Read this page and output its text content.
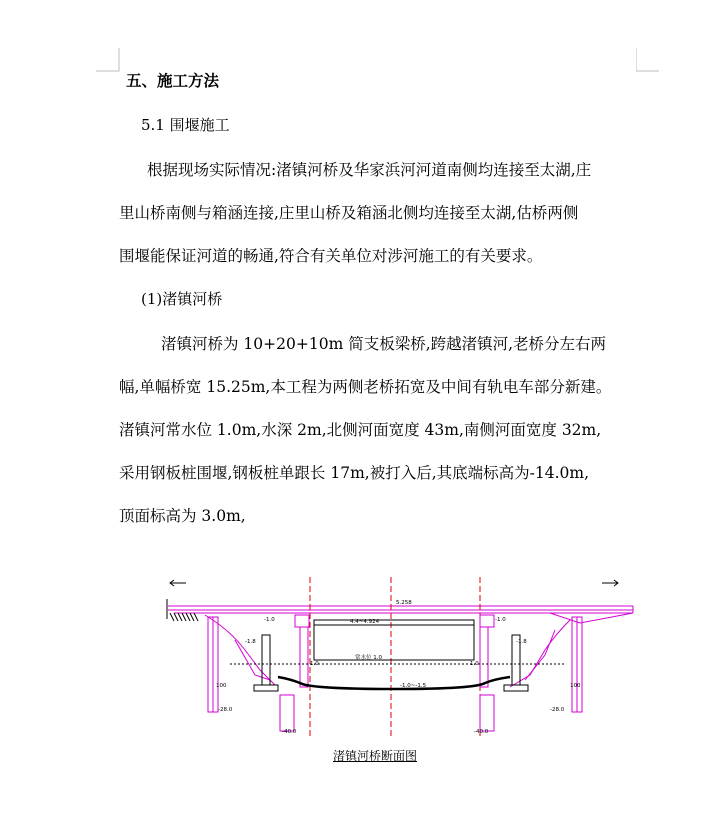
五、施工方法
5.1 围堰施工
根据现场实际情况:渚镇河桥及华家浜河河道南侧均连接至太湖,庄
里山桥南侧与箱涵连接,庄里山桥及箱涵北侧均连接至太湖,估桥两侧
围堰能保证河道的畅通,符合有关单位对涉河施工的有关要求。
(1)渚镇河桥
渚镇河桥为 10+20+10m 简支板梁桥,跨越渚镇河,老桥分左右两
幅,单幅桥宽 15.25m,本工程为两侧老桥拓宽及中间有轨电车部分新建。
渚镇河常水位 1.0m,水深 2m,北侧河面宽度 43m,南侧河面宽度 32m,
采用钢板桩围堰,钢板桩单跟长 17m,被打入后,其底端标高为-14.0m,
顶面标高为 3.0m,
5.258
4.4~4.924
常水位 1.0
1.0	1.0
-1.0~-1.5
-1.8	-1.8
100	100
-28.0	-28.0
-40.0	-40.0
-1.0	-1.0
渚镇河桥断面图
